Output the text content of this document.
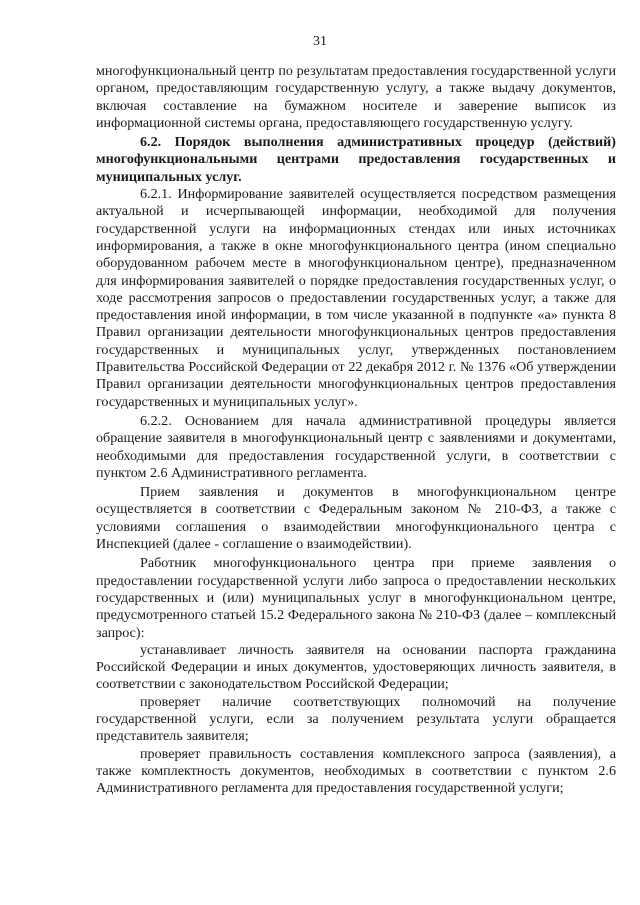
31

многофункциональный центр по результатам предоставления государственной услуги органом, предоставляющим государственную услугу, а также выдачу документов, включая составление на бумажном носителе и заверение выписок из информационной системы органа, предоставляющего государственную услугу.

6.2. Порядок выполнения административных процедур (действий) многофункциональными центрами предоставления государственных и муниципальных услуг.

6.2.1. Информирование заявителей осуществляется посредством размещения актуальной и исчерпывающей информации, необходимой для получения государственной услуги на информационных стендах или иных источниках информирования, а также в окне многофункционального центра (ином специально оборудованном рабочем месте в многофункциональном центре), предназначенном для информирования заявителей о порядке предоставления государственных услуг, о ходе рассмотрения запросов о предоставлении государственных услуг, а также для предоставления иной информации, в том числе указанной в подпункте «а» пункта 8 Правил организации деятельности многофункциональных центров предоставления государственных и муниципальных услуг, утвержденных постановлением Правительства Российской Федерации от 22 декабря 2012 г. № 1376 «Об утверждении Правил организации деятельности многофункциональных центров предоставления государственных и муниципальных услуг».

6.2.2. Основанием для начала административной процедуры является обращение заявителя в многофункциональный центр с заявлениями и документами, необходимыми для предоставления государственной услуги, в соответствии с пунктом 2.6 Административного регламента.

Прием заявления и документов в многофункциональном центре осуществляется в соответствии с Федеральным законом № 210-ФЗ, а также с условиями соглашения о взаимодействии многофункционального центра с Инспекцией (далее - соглашение о взаимодействии).

Работник многофункционального центра при приеме заявления о предоставлении государственной услуги либо запроса о предоставлении нескольких государственных и (или) муниципальных услуг в многофункциональном центре, предусмотренного статьей 15.2 Федерального закона № 210-ФЗ (далее – комплексный запрос):

устанавливает личность заявителя на основании паспорта гражданина Российской Федерации и иных документов, удостоверяющих личность заявителя, в соответствии с законодательством Российской Федерации;

проверяет наличие соответствующих полномочий на получение государственной услуги, если за получением результата услуги обращается представитель заявителя;

проверяет правильность составления комплексного запроса (заявления), а также комплектность документов, необходимых в соответствии с пунктом 2.6 Административного регламента для предоставления государственной услуги;
